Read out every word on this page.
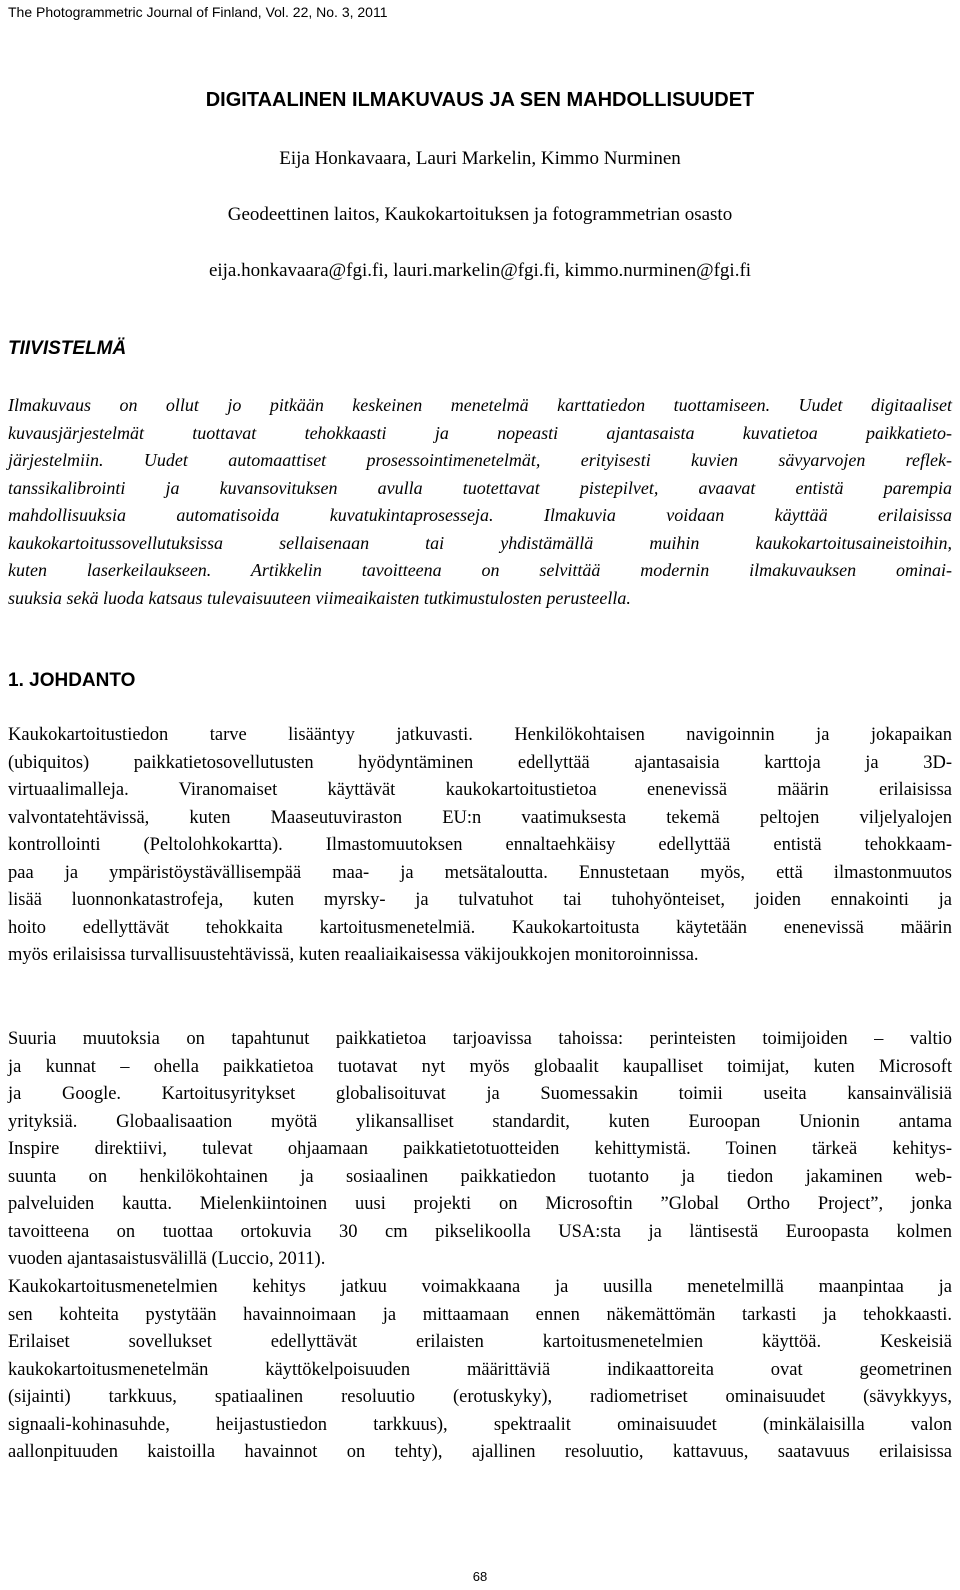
The Photogrammetric Journal of Finland, Vol. 22, No. 3, 2011
DIGITAALINEN ILMAKUVAUS JA SEN MAHDOLLISUUDET
Eija Honkavaara, Lauri Markelin, Kimmo Nurminen
Geodeettinen laitos, Kaukokartoituksen ja fotogrammetrian osasto
eija.honkavaara@fgi.fi, lauri.markelin@fgi.fi, kimmo.nurminen@fgi.fi
TIIVISTELMÄ
Ilmakuvaus on ollut jo pitkään keskeinen menetelmä karttatiedon tuottamiseen. Uudet digitaaliset
kuvausjärjestelmät tuottavat tehokkaasti ja nopeasti ajantasaista kuvatietoa paikkatieto-
järjestelmiin. Uudet automaattiset prosessointimenetelmät, erityisesti kuvien sävyarvojen reflek-
tanssikalibrointi ja kuvansovituksen avulla tuotettavat pistepilvet, avaavat entistä parempia
mahdollisuuksia automatisoida kuvatukintaprosesseja. Ilmakuvia voidaan käyttää erilaisissa
kaukokartoitussovellutuksissa sellaisenaan tai yhdistämällä muihin kaukokartoitusaineistoihin,
kuten laserkeilaukseen. Artikkelin tavoitteena on selvittää modernin ilmakuvauksen ominai-
suuksia sekä luoda katsaus tulevaisuuteen viimeaikaisten tutkimustulosten perusteella.
1. JOHDANTO
Kaukokartoitustiedon tarve lisääntyy jatkuvasti. Henkilökohtaisen navigoinnin ja jokapaikan
(ubiquitos) paikkatietosovellutusten hyödyntäminen edellyttää ajantasaisia karttoja ja 3D-
virtuaalimalleja. Viranomaiset käyttävät kaukokartoitustietoa enenevissä määrin erilaisissa
valvontatehtävissä, kuten Maaseutuviraston EU:n vaatimuksesta tekemä peltojen viljelyalojen
kontrollointi (Peltolohkokartta). Ilmastomuutoksen ennaltaehkäisy edellyttää entistä tehokkaam-
paa ja ympäristöystävällisempää maa- ja metsätaloutta. Ennustetaan myös, että ilmastonmuutos
lisää luonnonkatastrofeja, kuten myrsky- ja tulvatuhot tai tuhohyönteiset, joiden ennakointi ja
hoito edellyttävät tehokkaita kartoitusmenetelmiä. Kaukokartoitusta käytetään enenevissä määrin
myös erilaisissa turvallisuustehtävissä, kuten reaaliaikaisessa väkijoukkojen monitoroinnissa.
Suuria muutoksia on tapahtunut paikkatietoa tarjoavissa tahoissa: perinteisten toimijoiden – valtio
ja kunnat – ohella paikkatietoa tuotavat nyt myös globaalit kaupalliset toimijat, kuten Microsoft
ja Google. Kartoitusyritykset globalisoituvat ja Suomessakin toimii useita kansainvälisiä
yrityksiä. Globaalisaation myötä ylikansalliset standardit, kuten Euroopan Unionin antama
Inspire direktiivi, tulevat ohjaamaan paikkatietotuotteiden kehittymistä. Toinen tärkeä kehitys-
suunta on henkilökohtainen ja sosiaalinen paikkatiedon tuotanto ja tiedon jakaminen web-
palveluiden kautta. Mielenkiintoinen uusi projekti on Microsoftin ”Global Ortho Project”, jonka
tavoitteena on tuottaa ortokuvia 30 cm pikselikoolla USA:sta ja läntisestä Euroopasta kolmen
vuoden ajantasaistusvälillä (Luccio, 2011).
Kaukokartoitusmenetelmien kehitys jatkuu voimakkaana ja uusilla menetelmillä maanpintaa ja
sen kohteita pystytään havainnoimaan ja mittaamaan ennen näkemättömän tarkasti ja tehokkaasti.
Erilaiset sovellukset edellyttävät erilaisten kartoitusmenetelmien käyttöä. Keskeisiä
kaukokartoitusmenetelmän käyttökelpoisuuden määrittäviä indikaattoreita ovat geometrinen
(sijainti) tarkkuus, spatiaalinen resoluutio (erotuskyky), radiometriset ominaisuudet (sävykkyys,
signaali-kohinasuhde, heijastustiedon tarkkuus), spektraalit ominaisuudet (minkälaisilla valon
aallonpituuden kaistoilla havainnot on tehty), ajallinen resoluutio, kattavuus, saatavuus erilaisissa
68
